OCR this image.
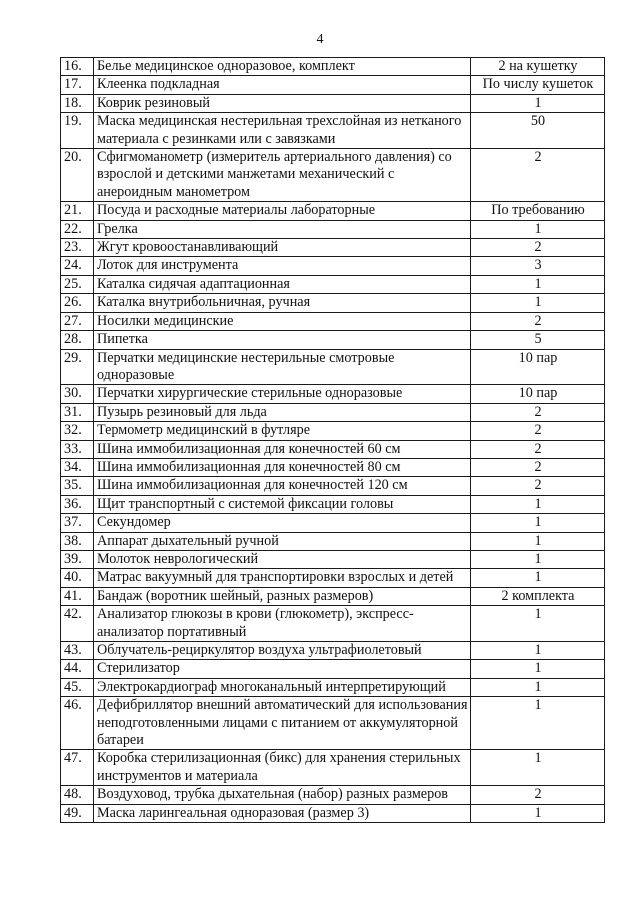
4
16.	Белье медицинское одноразовое, комплект	2 на кушетку
17.	Клеенка подкладная	По числу кушеток
18.	Коврик резиновый	1
19.	Маска медицинская нестерильная трехслойная из нетканого материала с резинками или с завязками	50
20.	Сфигмоманометр (измеритель артериального давления) со взрослой и детскими манжетами механический с анероидным манометром	2
21.	Посуда и расходные материалы лабораторные	По требованию
22.	Грелка	1
23.	Жгут кровоостанавливающий	2
24.	Лоток для инструмента	3
25.	Каталка сидячая адаптационная	1
26.	Каталка внутрибольничная, ручная	1
27.	Носилки медицинские	2
28.	Пипетка	5
29.	Перчатки медицинские нестерильные смотровые одноразовые	10 пар
30.	Перчатки хирургические стерильные одноразовые	10 пар
31.	Пузырь резиновый для льда	2
32.	Термометр медицинский в футляре	2
33.	Шина иммобилизационная для конечностей 60 см	2
34.	Шина иммобилизационная для конечностей 80 см	2
35.	Шина иммобилизационная для конечностей 120 см	2
36.	Щит транспортный с системой фиксации головы	1
37.	Секундомер	1
38.	Аппарат дыхательный ручной	1
39.	Молоток неврологический	1
40.	Матрас вакуумный для транспортировки взрослых и детей	1
41.	Бандаж (воротник шейный, разных размеров)	2 комплекта
42.	Анализатор глюкозы в крови (глюкометр), экспресс-анализатор портативный	1
43.	Облучатель-рециркулятор воздуха ультрафиолетовый	1
44.	Стерилизатор	1
45.	Электрокардиограф многоканальный интерпретирующий	1
46.	Дефибриллятор внешний автоматический для использования неподготовленными лицами с питанием от аккумуляторной батареи	1
47.	Коробка стерилизационная (бикс) для хранения стерильных инструментов и материала	1
48.	Воздуховод, трубка дыхательная (набор) разных размеров	2
49.	Маска ларингеальная одноразовая (размер 3)	1
